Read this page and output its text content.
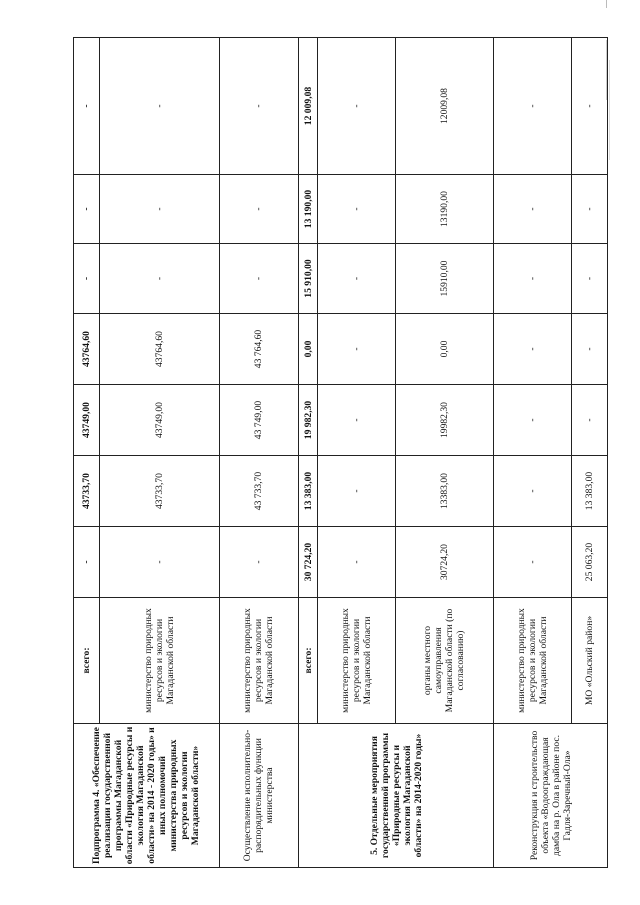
Подпрограмма 4. «Обеспечение реализации государственной программы Магаданской области «Природные ресурсы и экология Магаданской области» на 2014 - 2020 годы» и иных полномочий министерства природных ресурсов и экологии Магаданской области»	всего:	-	43733,70	43749,00	43764,60	-	-	-
	министерство природных ресурсов и экологии Магаданской области	-	43733,70	43749,00	43764,60	-	-	-
Осуществление исполнительно-распорядительных функции министерства	министерство природных ресурсов и экологии Магаданской области	-	43 733,70	43 749,00	43 764,60	-	-	-
5. Отдельные мероприятия государственной программы «Природные ресурсы и экология Магаданской области» на 2014-2020 годы»	всего:	30 724,20	13 383,00	19 982,30	0,00	15 910,00	13 190,00	12 009,08
	министерство природных ресурсов и экологии Магаданской области	-	-	-	-	-	-	-
	органы местного самоуправления Магаданской области (по согласованию)	30724,20	13383,00	19982,30	0,00	15910,00	13190,00	12009,08
Реконструкция и строительство объекта «Водоограждающая дамба на р. Ола в районе пос. Гадля-Заречный-Ола»	министерство природных ресурсов и экологии Магаданской области	-	-	-	-	-	-	-
	МО «Ольский район»	25 063,20	13 383,00	-	-	-	-	-
